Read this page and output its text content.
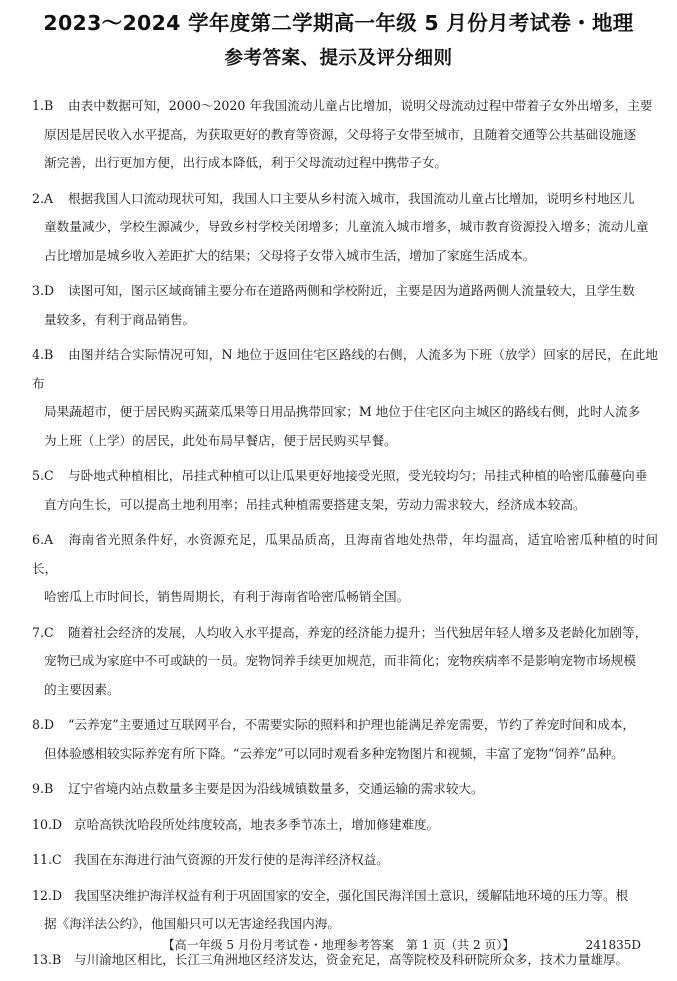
2023～2024 学年度第二学期高一年级 5 月份月考试卷・地理
参考答案、提示及评分细则
1.B 由表中数据可知，2000～2020 年我国流动儿童占比增加，说明父母流动过程中带着子女外出增多，主要
原因是居民收入水平提高，为获取更好的教育等资源，父母将子女带至城市，且随着交通等公共基础设施逐
渐完善，出行更加方便，出行成本降低，利于父母流动过程中携带子女。
2.A 根据我国人口流动现状可知，我国人口主要从乡村流入城市，我国流动儿童占比增加，说明乡村地区儿
童数量减少，学校生源减少，导致乡村学校关闭增多；儿童流入城市增多，城市教育资源投入增多；流动儿童
占比增加是城乡收入差距扩大的结果；父母将子女带入城市生活，增加了家庭生活成本。
3.D 读图可知，图示区域商铺主要分布在道路两侧和学校附近，主要是因为道路两侧人流量较大，且学生数
量较多，有利于商品销售。
4.B 由图并结合实际情况可知，N 地位于返回住宅区路线的右侧，人流多为下班（放学）回家的居民，在此地布
局果蔬超市，便于居民购买蔬菜瓜果等日用品携带回家；M 地位于住宅区向主城区的路线右侧，此时人流多
为上班（上学）的居民，此处布局早餐店，便于居民购买早餐。
5.C 与卧地式种植相比，吊挂式种植可以让瓜果更好地接受光照，受光较均匀；吊挂式种植的哈密瓜藤蔓向垂
直方向生长，可以提高土地利用率；吊挂式种植需要搭建支架，劳动力需求较大，经济成本较高。
6.A 海南省光照条件好，水资源充足，瓜果品质高，且海南省地处热带，年均温高，适宜哈密瓜种植的时间长，
哈密瓜上市时间长，销售周期长，有利于海南省哈密瓜畅销全国。
7.C 随着社会经济的发展，人均收入水平提高，养宠的经济能力提升；当代独居年轻人增多及老龄化加剧等，
宠物已成为家庭中不可或缺的一员。宠物饲养手续更加规范，而非简化；宠物疾病率不是影响宠物市场规模
的主要因素。
8.D “云养宠”主要通过互联网平台，不需要实际的照料和护理也能满足养宠需要，节约了养宠时间和成本，
但体验感相较实际养宠有所下降。“云养宠”可以同时观看多种宠物图片和视频，丰富了宠物“饲养”品种。
9.B 辽宁省境内站点数量多主要是因为沿线城镇数量多，交通运输的需求较大。
10.D 京哈高铁沈哈段所处纬度较高，地表多季节冻土，增加修建难度。
11.C 我国在东海进行油气资源的开发行使的是海洋经济权益。
12.D 我国坚决维护海洋权益有利于巩固国家的安全，强化国民海洋国土意识，缓解陆地环境的压力等。根
据《海洋法公约》，他国船只可以无害途经我国内海。
13.B 与川渝地区相比，长江三角洲地区经济发达，资金充足，高等院校及科研院所众多，技术力量雄厚。
【高一年级 5 月份月考试卷・地理参考答案　第 1 页（共 2 页）】	241835D
